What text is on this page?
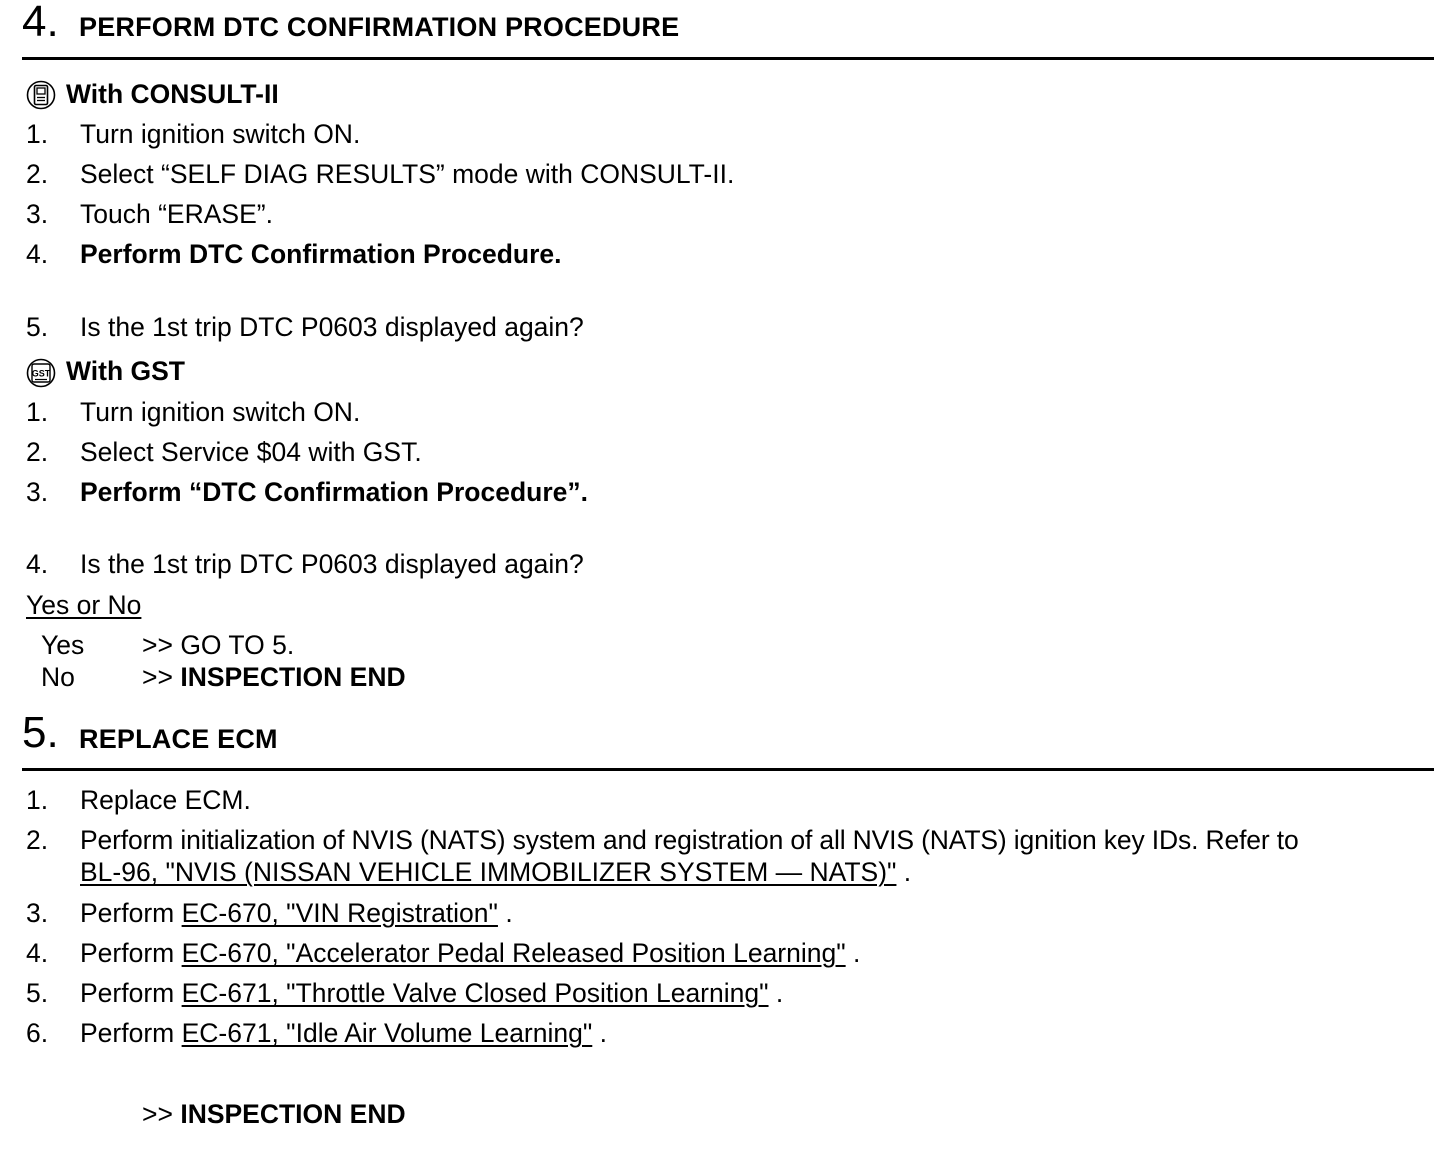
4. PERFORM DTC CONFIRMATION PROCEDURE
With CONSULT-II
1. Turn ignition switch ON.
2. Select “SELF DIAG RESULTS” mode with CONSULT-II.
3. Touch “ERASE”.
4. Perform DTC Confirmation Procedure.
5. Is the 1st trip DTC P0603 displayed again?
GST With GST
1. Turn ignition switch ON.
2. Select Service $04 with GST.
3. Perform “DTC Confirmation Procedure”.
4. Is the 1st trip DTC P0603 displayed again?
Yes or No
Yes >> GO TO 5.
No	>> INSPECTION END
5. REPLACE ECM
1. Replace ECM.
2. Perform initialization of NVIS (NATS) system and registration of all NVIS (NATS) ignition key IDs. Refer to
BL-96, "NVIS (NISSAN VEHICLE IMMOBILIZER SYSTEM — NATS)" .
3. Perform EC-670, "VIN Registration" .
4. Perform EC-670, "Accelerator Pedal Released Position Learning" .
5. Perform EC-671, "Throttle Valve Closed Position Learning" .
6. Perform EC-671, "Idle Air Volume Learning" .
>> INSPECTION END
